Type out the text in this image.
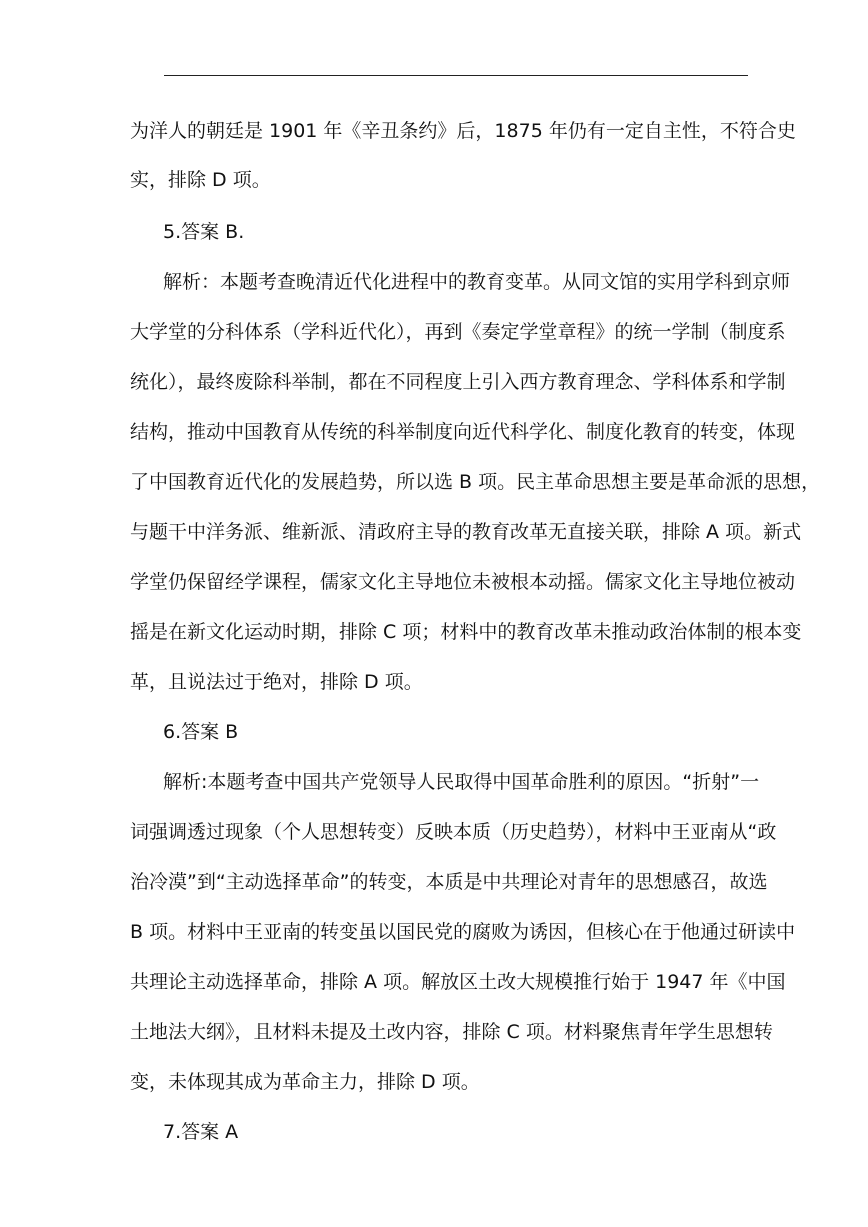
为洋人的朝廷是 1901 年《辛丑条约》后，1875 年仍有一定自主性，不符合史
实，排除 D 项。
5.答案 B.
解析：本题考查晚清近代化进程中的教育变革。从同文馆的实用学科到京师
大学堂的分科体系（学科近代化），再到《奏定学堂章程》的统一学制（制度系
统化），最终废除科举制，都在不同程度上引入西方教育理念、学科体系和学制
结构，推动中国教育从传统的科举制度向近代科学化、制度化教育的转变，体现
了中国教育近代化的发展趋势，所以选 B 项。民主革命思想主要是革命派的思想，
与题干中洋务派、维新派、清政府主导的教育改革无直接关联，排除 A 项。新式
学堂仍保留经学课程，儒家文化主导地位未被根本动摇。儒家文化主导地位被动
摇是在新文化运动时期，排除 C 项；材料中的教育改革未推动政治体制的根本变
革，且说法过于绝对，排除 D 项。
6.答案 B
解析:本题考查中国共产党领导人民取得中国革命胜利的原因。“折射”一
词强调透过现象（个人思想转变）反映本质（历史趋势），材料中王亚南从“政
治冷漠”到“主动选择革命”的转变，本质是中共理论对青年的思想感召，故选
B 项。材料中王亚南的转变虽以国民党的腐败为诱因，但核心在于他通过研读中
共理论主动选择革命，排除 A 项。解放区土改大规模推行始于 1947 年《中国
土地法大纲》，且材料未提及土改内容，排除 C 项。材料聚焦青年学生思想转
变，未体现其成为革命主力，排除 D 项。
7.答案 A
